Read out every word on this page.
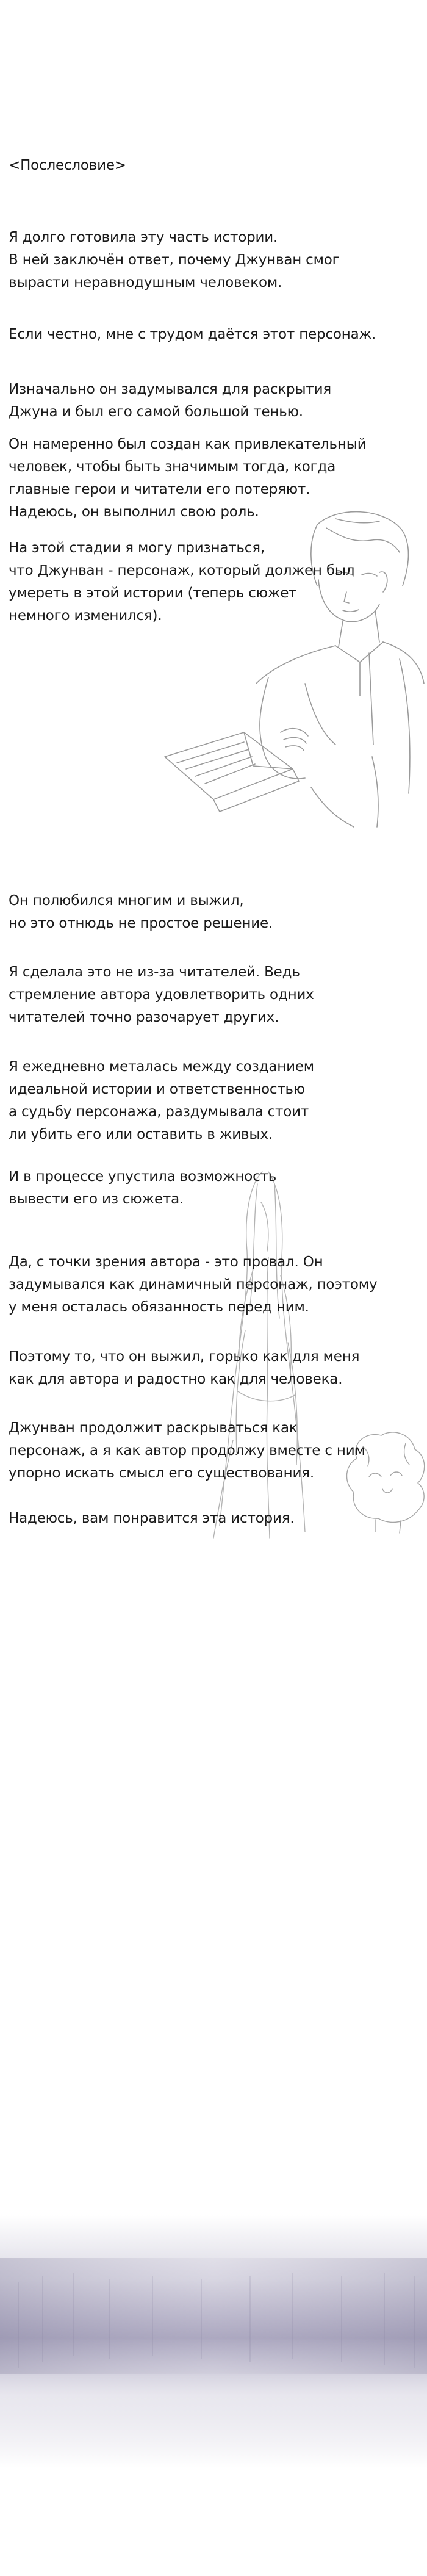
<Послесловие>

Я долго готовила эту часть истории.
В ней заключён ответ, почему Джунван смог
вырасти неравнодушным человеком.

Если честно, мне с трудом даётся этот персонаж.

Изначально он задумывался для раскрытия
Джуна и был его самой большой тенью.

Он намеренно был создан как привлекательный
человек, чтобы быть значимым тогда, когда
главные герои и читатели его потеряют.
Надеюсь, он выполнил свою роль.

На этой стадии я могу признаться,
что Джунван - персонаж, который должен был
умереть в этой истории (теперь сюжет
немного изменился).

Он полюбился многим и выжил,
но это отнюдь не простое решение.

Я сделала это не из-за читателей. Ведь
стремление автора удовлетворить одних
читателей точно разочарует других.

Я ежедневно металась между созданием
идеальной истории и ответственностью
а судьбу персонажа, раздумывала стоит
ли убить его или оставить в живых.

И в процессе упустила возможность
вывести его из сюжета.

Да, с точки зрения автора - это провал. Он
задумывался как динамичный персонаж, поэтому
у меня осталась обязанность перед ним.

Поэтому то, что он выжил, горько как для меня
как для автора и радостно как для человека.

Джунван продолжит раскрываться как
персонаж, а я как автор продолжу вместе с ним
упорно искать смысл его существования.

Надеюсь, вам понравится эта история.
